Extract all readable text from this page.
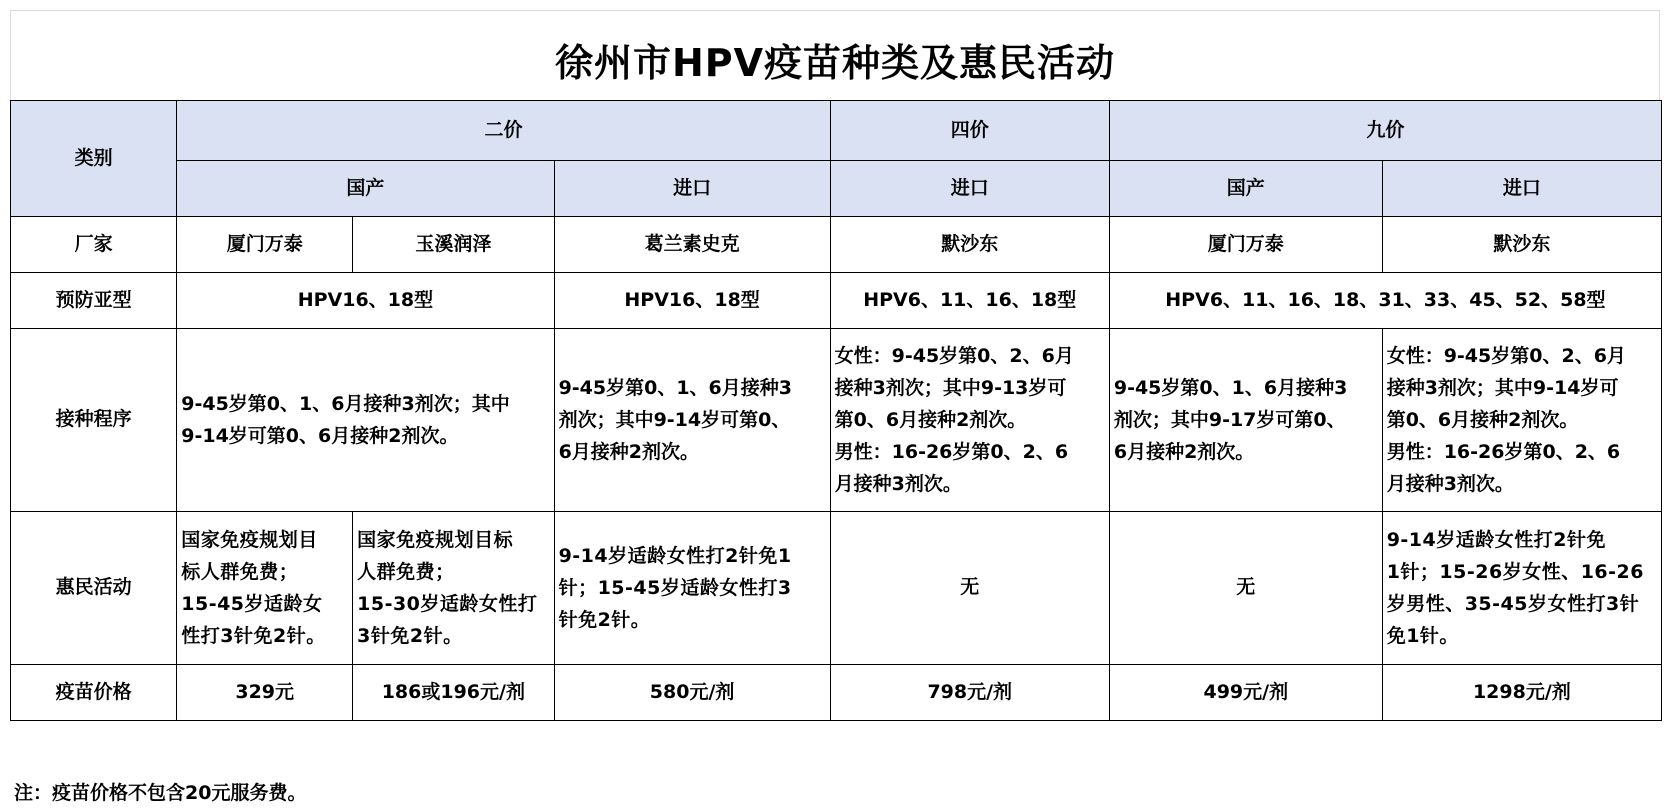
徐州市HPV疫苗种类及惠民活动
类别	二价			四价	九价	
	国产		进口	进口	国产	进口
厂家	厦门万泰	玉溪润泽	葛兰素史克	默沙东	厦门万泰	默沙东
预防亚型	HPV16、18型		HPV16、18型	HPV6、11、16、18型	HPV6、11、16、18、31、33、45、52、58型	
接种程序	9-45岁第0、1、6月接种3剂次；其中
9-14岁可第0、6月接种2剂次。		9-45岁第0、1、6月接种3
剂次；其中9-14岁可第0、
6月接种2剂次。	女性：9-45岁第0、2、6月
接种3剂次；其中9-13岁可
第0、6月接种2剂次。
男性：16-26岁第0、2、6
月接种3剂次。	9-45岁第0、1、6月接种3
剂次；其中9-17岁可第0、
6月接种2剂次。	女性：9-45岁第0、2、6月
接种3剂次；其中9-14岁可
第0、6月接种2剂次。
男性：16-26岁第0、2、6
月接种3剂次。

惠民活动	国家免疫规划目
标人群免费；
15-45岁适龄女
性打3针免2针。	国家免疫规划目标
人群免费；
15-30岁适龄女性打
3针免2针。	9-14岁适龄女性打2针免1
针；15-45岁适龄女性打3
针免2针。	无	无	9-14岁适龄女性打2针免
1针；15-26岁女性、16-26
岁男性、35-45岁女性打3针
免1针。

疫苗价格	329元	186或196元/剂	580元/剂	798元/剂	499元/剂	1298元/剂
注：疫苗价格不包含20元服务费。
